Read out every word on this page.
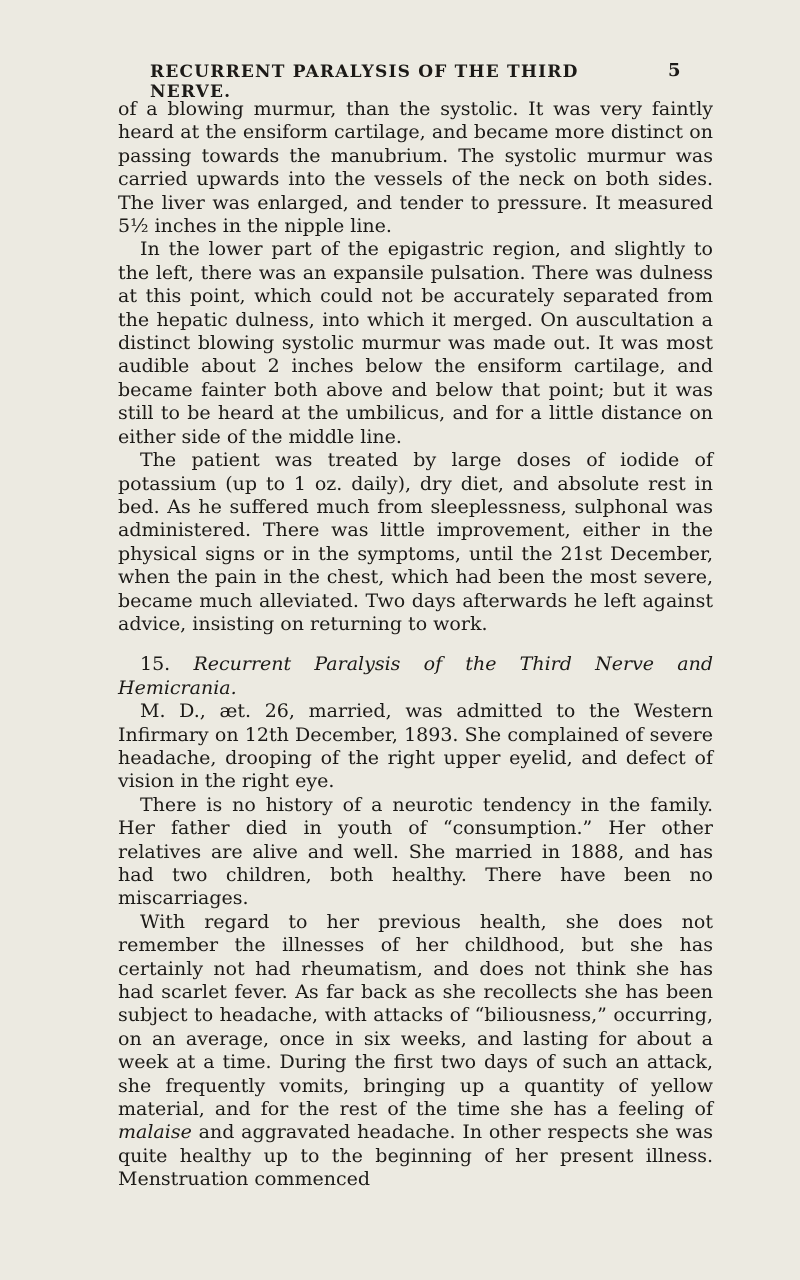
RECURRENT PARALYSIS OF THE THIRD NERVE.
5

of a blowing murmur, than the systolic. It was very faintly heard at the ensiform cartilage, and became more distinct on passing towards the manubrium. The systolic murmur was carried upwards into the vessels of the neck on both sides. The liver was enlarged, and tender to pressure. It measured 5½ inches in the nipple line.

In the lower part of the epigastric region, and slightly to the left, there was an expansile pulsation. There was dulness at this point, which could not be accurately separated from the hepatic dulness, into which it merged. On auscultation a distinct blowing systolic murmur was made out. It was most audible about 2 inches below the ensiform cartilage, and became fainter both above and below that point; but it was still to be heard at the umbilicus, and for a little distance on either side of the middle line.

The patient was treated by large doses of iodide of potassium (up to 1 oz. daily), dry diet, and absolute rest in bed. As he suffered much from sleeplessness, sulphonal was administered. There was little improvement, either in the physical signs or in the symptoms, until the 21st December, when the pain in the chest, which had been the most severe, became much alleviated. Two days afterwards he left against advice, insisting on returning to work.

15. Recurrent Paralysis of the Third Nerve and Hemicrania.

M. D., æt. 26, married, was admitted to the Western Infirmary on 12th December, 1893. She complained of severe headache, drooping of the right upper eyelid, and defect of vision in the right eye.

There is no history of a neurotic tendency in the family. Her father died in youth of “consumption.” Her other relatives are alive and well. She married in 1888, and has had two children, both healthy. There have been no miscarriages.

With regard to her previous health, she does not remember the illnesses of her childhood, but she has certainly not had rheumatism, and does not think she has had scarlet fever. As far back as she recollects she has been subject to headache, with attacks of “biliousness,” occurring, on an average, once in six weeks, and lasting for about a week at a time. During the first two days of such an attack, she frequently vomits, bringing up a quantity of yellow material, and for the rest of the time she has a feeling of malaise and aggravated headache. In other respects she was quite healthy up to the beginning of her present illness. Menstruation commenced
